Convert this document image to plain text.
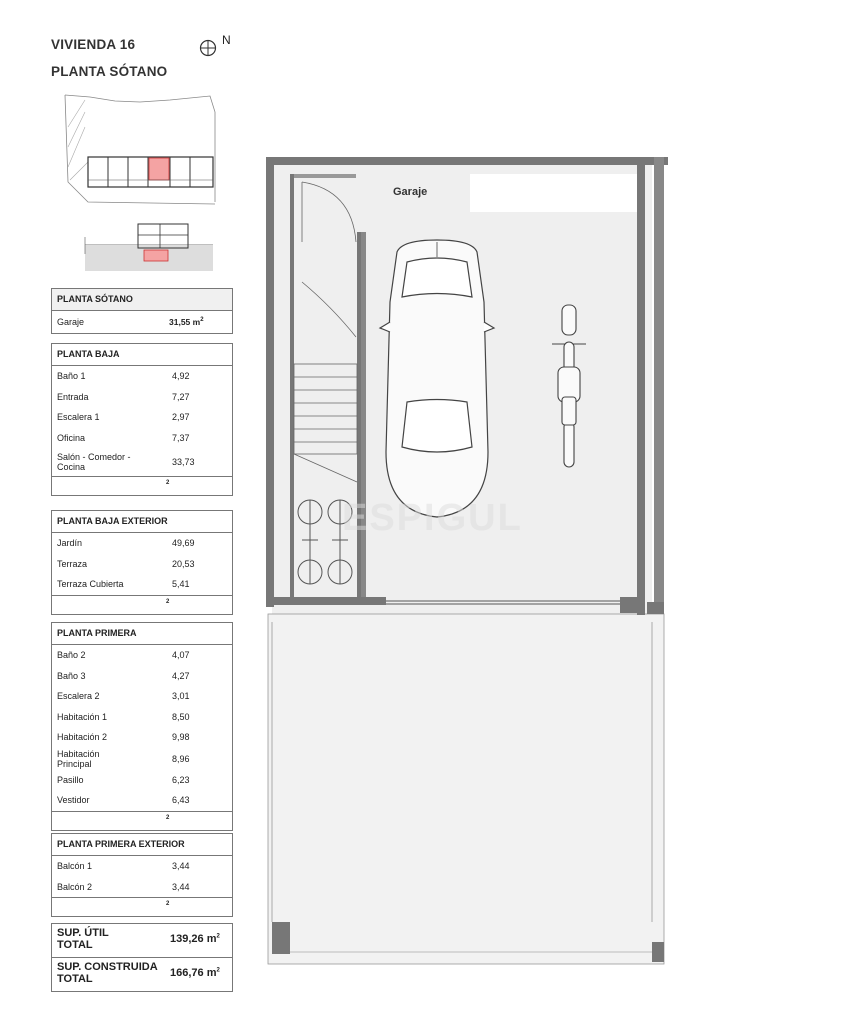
VIVIENDA 16
PLANTA SÓTANO
N
PLANTA SÓTANO
Garaje	31,55 $m^2$
PLANTA BAJA
Baño 1	4,92
Entrada	7,27
Escalera 1	2,97
Oficina	7,37
Salón - Comedor - Cocina	33,73
$^2$
PLANTA BAJA EXTERIOR
Jardín	49,69
Terraza	20,53
Terraza Cubierta	5,41
$^2$
PLANTA PRIMERA
Baño 2	4,07
Baño 3	4,27
Escalera 2	3,01
Habitación 1	8,50
Habitación 2	9,98
Habitación Principal	8,96
Pasillo	6,23
Vestidor	6,43
$^2$
PLANTA PRIMERA EXTERIOR
Balcón 1	3,44
Balcón 2	3,44
$^2$
SUP. ÚTIL TOTAL	139,26 $m^2$
SUP. CONSTRUIDA TOTAL	166,76 $m^2$
Garaje
ESPIGUL
